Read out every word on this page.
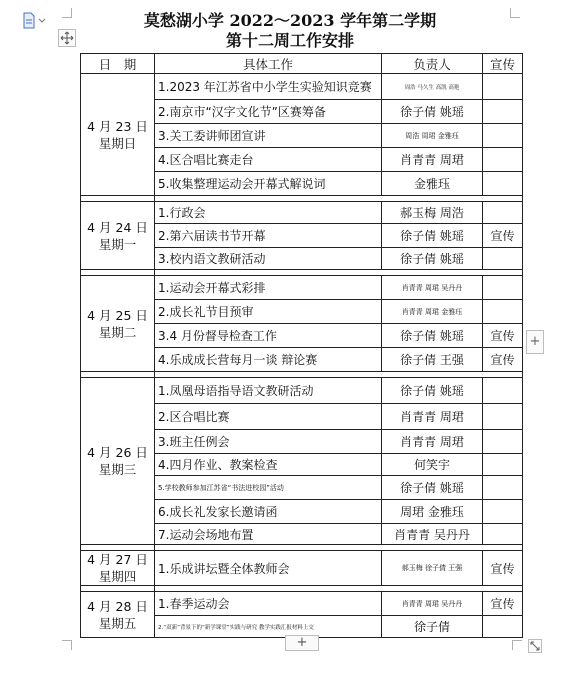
莫愁湖小学 2022～2023 学年第二学期
第十二周工作安排
日　期	具体工作	负责人	宣传

4 月 23 日
星期日	1.2023 年江苏省中小学生实验知识竞赛	周浩 马久生 高凯 高艳	
	2.南京市“汉字文化节”区赛筹备	徐子倩 姚瑶	
	3.关工委讲师团宣讲	周浩 周珺 金雅珏	
	4.区合唱比赛走台	肖青青 周珺	
	5.收集整理运动会开幕式解说词	金雅珏	

4 月 24 日
星期一	1.行政会	郝玉梅 周浩	
	2.第六届读书节开幕	徐子倩 姚瑶	宣传
	3.校内语文教研活动	徐子倩 姚瑶	

4 月 25 日
星期二	1.运动会开幕式彩排	肖青青 周珺 吴丹丹	
	2.成长礼节目预审	肖青青 周珺 金雅珏	
	3.4 月份督导检查工作	徐子倩 姚瑶	宣传
	4.乐成成长营每月一谈 辩论赛	徐子倩 王强	宣传

4 月 26 日
星期三	1.凤凰母语指导语文教研活动	徐子倩 姚瑶	
	2.区合唱比赛	肖青青 周珺	
	3.班主任例会	肖青青 周珺	
	4.四月作业、教案检查	何笑宇	
	5.学校教师参加江苏省“书法进校园”活动	徐子倩 姚瑶	
	6.成长礼发家长邀请函	周珺 金雅珏	
	7.运动会场地布置	肖青青 吴丹丹	

4 月 27 日
星期四	1.乐成讲坛暨全体教师会	郝玉梅 徐子倩 王强	宣传

4 月 28 日
星期五	1.春季运动会	肖青青 周珺 吴丹丹	宣传
	2.“双新”背景下的“新学课堂”实践与研究 教学实践汇报材料上交	徐子倩	
+
+
